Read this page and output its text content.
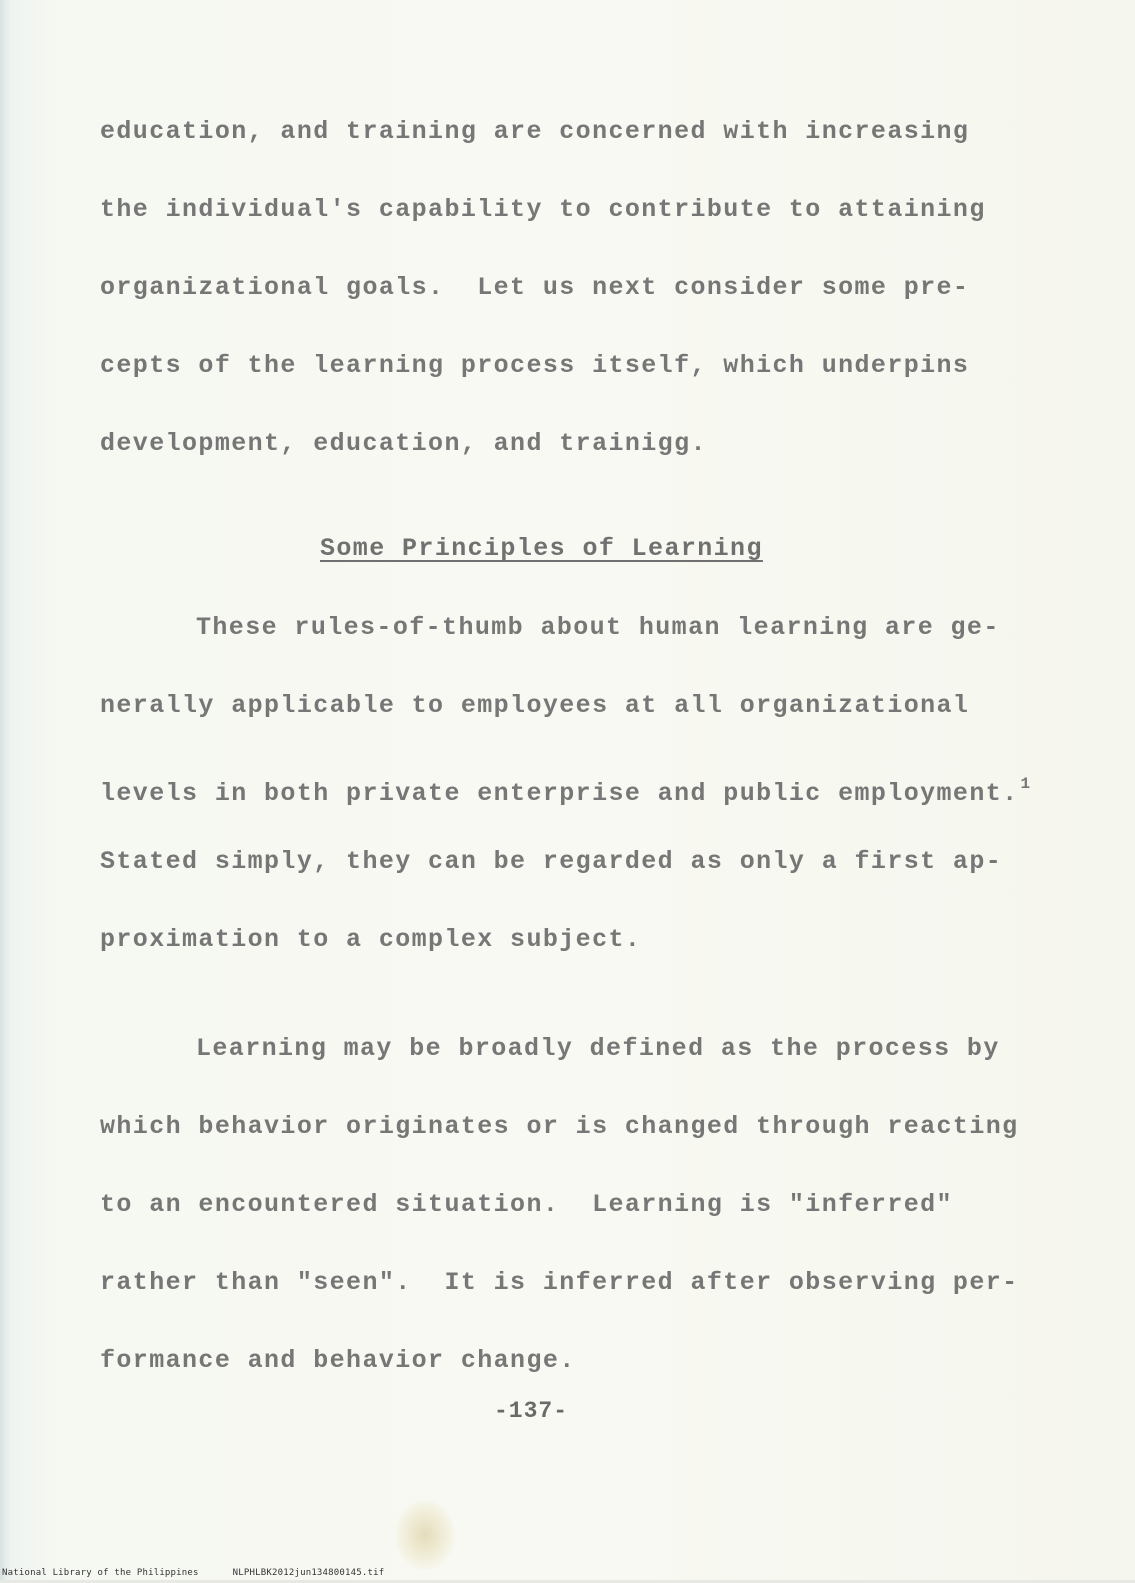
education, and training are concerned with increasing
the individual's capability to contribute to attaining
organizational goals.  Let us next consider some pre-
cepts of the learning process itself, which underpins
development, education, and trainigg.
Some Principles of Learning
These rules-of-thumb about human learning are ge-
nerally applicable to employees at all organizational
levels in both private enterprise and public employment. $^1$
Stated simply, they can be regarded as only a first ap-
proximation to a complex subject.
Learning may be broadly defined as the process by
which behavior originates or is changed through reacting
to an encountered situation.  Learning is "inferred"
rather than "seen".  It is inferred after observing per-
formance and behavior change.
-137-
National Library of the Philippines	NLPHLBK2012jun134800145.tif
